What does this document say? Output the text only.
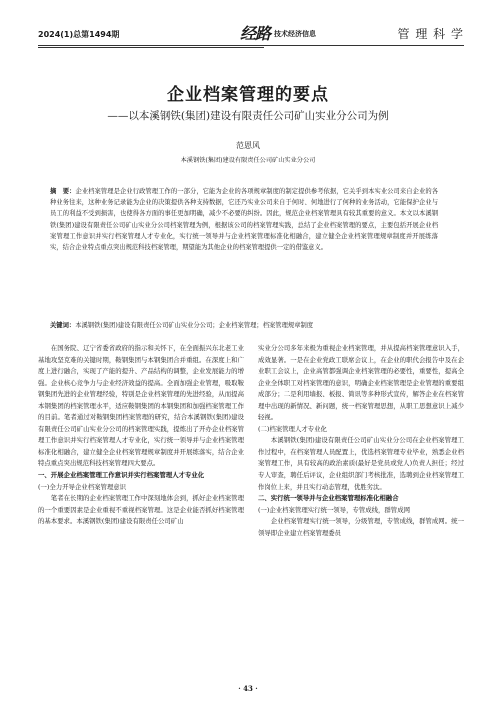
2024(1)总第1494期	经路 技术经济信息	管 理 科 学
企业档案管理的要点
——以本溪钢铁(集团)建设有限责任公司矿山实业分公司为例
范恩风
本溪钢铁(集团)建设有限责任公司矿山实业分公司
摘　要：企业档案管理是企业行政管理工作的一部分，它能为企业的各项规章制度的制定提供参考依据，它关乎到本实业公司来自企业的各种业务往来，这种业务记录能为企业的决策提供各种支持数据，它还乃实业公司来自于何时、何地进行了何种的业务活动，它能保护企业与员工的利益不受到损害，也使得各方面的事任更加明确，减少不必要的纠纷。因此，规范企业档案管理具有较其重要的意义。本文以本溪钢铁(集团)建设有限责任公司矿山实业分公司档案管理为例，根据该公司的档案管理实践，总结了企业档案管理的要点，主要包括开展企业档案管理工作意识并实行档案管理人才专业化，实行统一领导并与企业档案管理标准化相融合，建立健全企业档案管理规章制度并开展练落实，结合企业特点重点突出规范科技档案管理，期望能为其他企业的档案管理提供一定的借鉴意义。
关键词：本溪钢铁(集团)建设有限责任公司矿山实业分公司；企业档案管理；档案管理规章制度

在国务院、辽宁省委省政府的指示和关怀下，在全面振兴东北老工业基地攻坚克难的关键时期，鞍钢集团与本钢集团合并重组。在深度上和广度上进行融合，实现了产能的提升、产品结构的调整，企业发展能力的增强。企业核心竞争力与企业经济效益的提高。全面加强企业管理，吸取鞍钢集团先进的企业管理经验，特别是企业档案管理的先进经验，从而提高本钢集团的档案管理水平，适应鞍钢集团的本钢集团和加强档案管理工作的目前。笔者通过对鞍钢集团档案管理的研究，结合本溪钢铁(集团)建设有限责任公司矿山实业分公司的档案管理实践，提炼出了开办企业档案管理工作意识并实行档案管理人才专业化，实行统一领导并与企业档案管理标准化相融合，建立健全企业档案管理规章制度并开展练落实，结合企业特点重点突出规范科技档案管理四大要点。

一、开展企业档案管理工作意识并实行档案管理人才专业化

(一)全力开导企业档案管理意识

笔者在长期的企业档案管理工作中深刻地体会到，抓好企业档案管理的一个重要因素是企业重视不重视档案管理。这是企业能否抓好档案管理的基本要求。本溪钢铁(集团)建设有限责任公司矿山

实业分公司多年来极为重视企业档案管理，并从提高档案管理意识入手，成效显著。一是在企业党政工联席会议上，在企业的职代会报告中及在企业职工会议上，企业高管都强调企业档案管理的必要性，重要性，提高全企业全体职工对档案管理的意识，明确企业档案管理是企业管理的重要组成部分；二是利用墙报、板报、简讯等多种形式宣传，解答企业在档案管理中出现的新情况、新问题，统一档案管理思想，从职工思想意识上减少轻视。

(二)档案管理人才专业化

本溪钢铁(集团)建设有限责任公司矿山实业分公司在企业档案管理工作过程中，在档案管理人员配置上，优选档案管理专业毕业，熟悉企业档案管理工作，具有较高的政治素质(最好是党员或党人)负责人担任；经过专人审查，聘任后评议，企业组织部门考核批准，选聘到企业档案管理工作岗位上来，并且实行动态管理，优胜劣汰。

二、实行统一领导并与企业档案管理标准化相融合

(一)企业档案管理实行统一领导，专管成线，群管成网

企业档案管理实行统一领导，分级管理，专管成线，群管成网。统一领导即企业建立档案管理委员

· 43 ·
